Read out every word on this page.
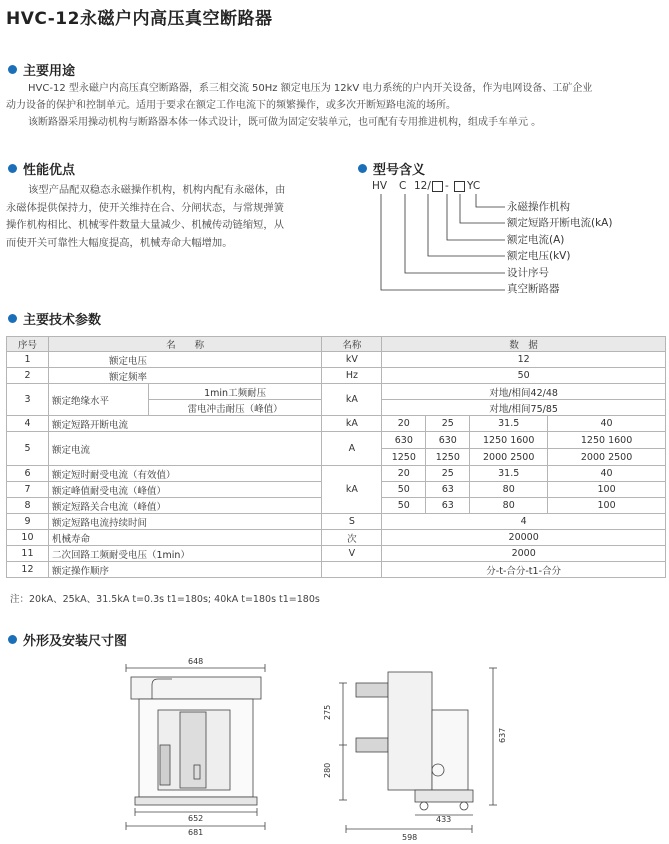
HVC-12永磁户内高压真空断路器
主要用途

HVC-12 型永磁户内高压真空断路器，系三相交流 50Hz 额定电压为 12kV 电力系统的户内开关设备，作为电网设备、工矿企业

动力设备的保护和控制单元。适用于要求在额定工作电流下的频繁操作，或多次开断短路电流的场所。

该断路器采用操动机构与断路器本体一体式设计，既可做为固定安装单元，也可配有专用推进机构，组成手车单元 。

性能优点

该型产品配双稳态永磁操作机构，机构内配有永磁体，由

永磁体提供保持力，使开关维持在合、分闸状态，与常规弹簧

操作机构相比、机械零件数量大量减少、机械传动链缩短，从

而使开关可靠性大幅度提高，机械寿命大幅增加。

型号含义
HV C 12/ - YC
永磁操作机构
额定短路开断电流(kA)
额定电流(A)
额定电压(kV)
设计序号
真空断路器
主要技术参数
序号	名　　称		名称	数　据			
1	额定电压		kV	12			
2	额定频率		Hz	50			
3	额定绝缘水平	1min工频耐压	kA	对地/相间42/48			
		雷电冲击耐压（峰值）		对地/相间75/85			
4	额定短路开断电流		kA	20	25	31.5	40
5	额定电流		A	630	630	1250 1600	1250 1600
				1250	1250	2000 2500	2000 2500
6	额定短时耐受电流（有效值）		kA	20	25	31.5	40
7	额定峰值耐受电流（峰值）			50	63	80	100
8	额定短路关合电流（峰值）			50	63	80	100
9	额定短路电流持续时间		S	4			
10	机械寿命		次	20000			
11	二次回路工频耐受电压（1min）		V	2000			
12	额定操作顺序			分-t-合分-t1-合分			
注：20kA、25kA、31.5kA t=0.3s t1=180s; 40kA t=180s t1=180s
外形及安装尺寸图
648
652
681
275
280
637
433
598
